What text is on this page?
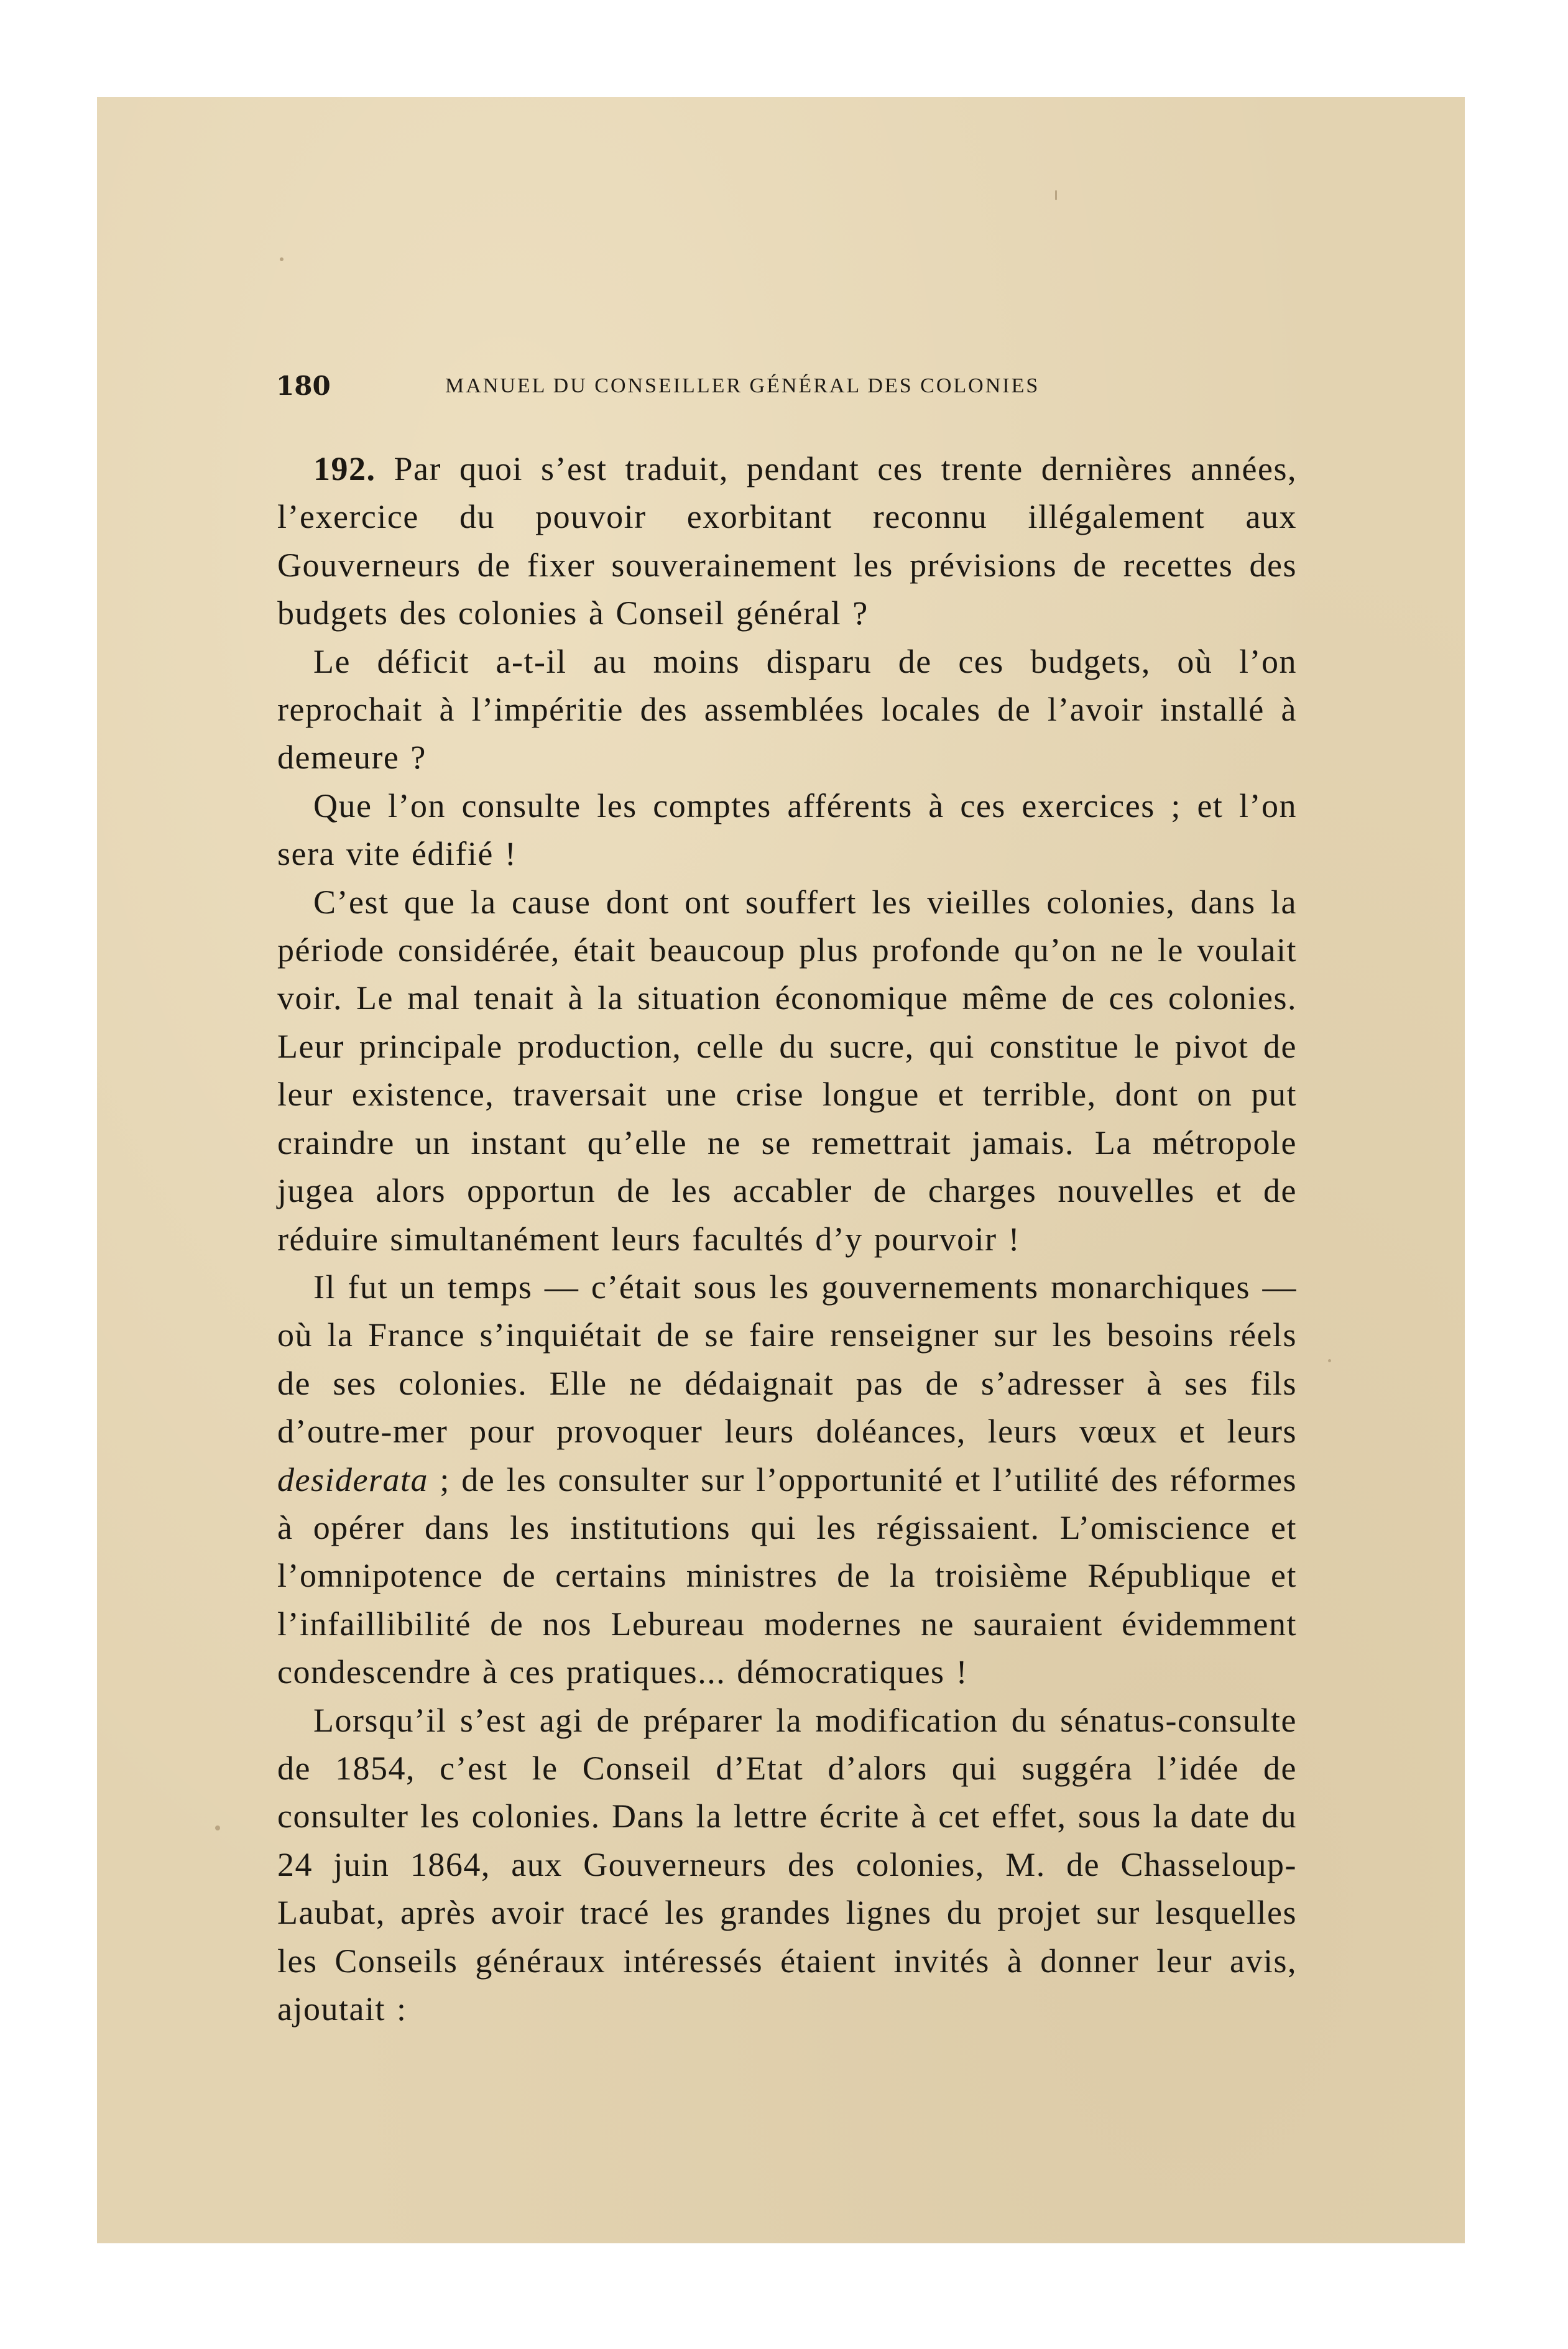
180	MANUEL DU CONSEILLER GÉNÉRAL DES COLONIES

192. Par quoi s’est traduit, pendant ces trente dernières années, l’exercice du pouvoir exorbitant reconnu illégalement aux Gouverneurs de fixer souverainement les prévisions de recettes des budgets des colonies à Conseil général ?

Le déficit a-t-il au moins disparu de ces budgets, où l’on reprochait à l’impéritie des assemblées locales de l’avoir installé à demeure ?

Que l’on consulte les comptes afférents à ces exercices ; et l’on sera vite édifié !

C’est que la cause dont ont souffert les vieilles colonies, dans la période considérée, était beaucoup plus profonde qu’on ne le voulait voir. Le mal tenait à la situation économique même de ces colonies. Leur principale production, celle du sucre, qui constitue le pivot de leur existence, traversait une crise longue et terrible, dont on put craindre un instant qu’elle ne se remettrait jamais. La métropole jugea alors opportun de les accabler de charges nouvelles et de réduire simultanément leurs facultés d’y pourvoir !

Il fut un temps — c’était sous les gouvernements monarchiques — où la France s’inquiétait de se faire renseigner sur les besoins réels de ses colonies. Elle ne dédaignait pas de s’adresser à ses fils d’outre-mer pour provoquer leurs doléances, leurs vœux et leurs desiderata ; de les consulter sur l’opportunité et l’utilité des réformes à opérer dans les institutions qui les régissaient. L’omiscience et l’omnipotence de certains ministres de la troisième République et l’infaillibilité de nos Lebureau modernes ne sauraient évidemment condescendre à ces pratiques... démocratiques !

Lorsqu’il s’est agi de préparer la modification du sénatus-consulte de 1854, c’est le Conseil d’Etat d’alors qui suggéra l’idée de consulter les colonies. Dans la lettre écrite à cet effet, sous la date du 24 juin 1864, aux Gouverneurs des colonies, M. de Chasseloup-Laubat, après avoir tracé les grandes lignes du projet sur lesquelles les Conseils généraux intéressés étaient invités à donner leur avis, ajoutait :
